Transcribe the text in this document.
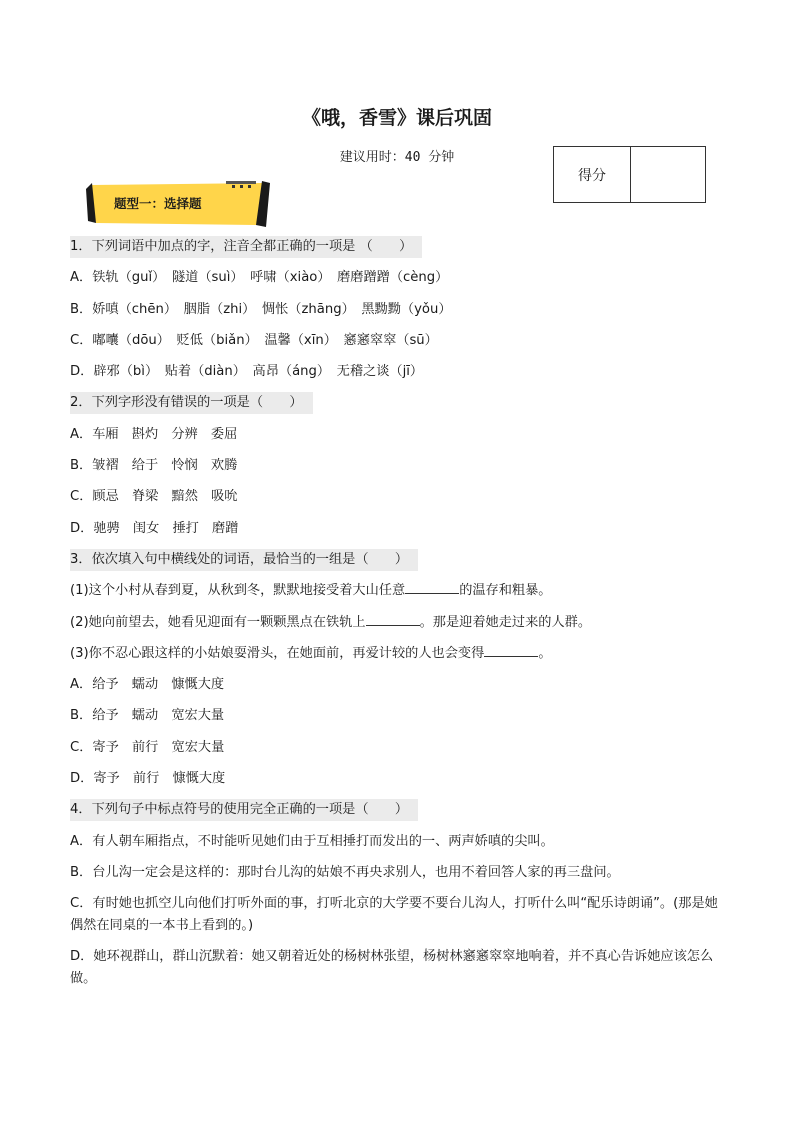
《哦，香雪》课后巩固
建议用时：40 分钟
得分
题型一：选择题
1．下列词语中加点的字，注音全都正确的一项是 （　　）
A．铁轨（guǐ）　隧道（suì）　呼啸（xiào）　磨磨蹭蹭（cèng）
B．娇嗔（chēn）　胭脂（zhi）　惆怅（zhāng）　黑黝黝（yǒu）
C．嘟囔（dōu）　贬低（biǎn）　温馨（xīn）　窸窸窣窣（sū）
D．辟邪（bì）　贴着（diàn）　高昂（áng）　无稽之谈（jī）
2．下列字形没有错误的一项是（　　）
A．车厢　斟灼　分辨　委屈
B．皱褶　给于　怜悯　欢腾
C．顾忌　脊梁　黯然　吸吮
D．驰骋　闺女　捶打　磨蹭
3．依次填入句中横线处的词语，最恰当的一组是（　　）
(1)这个小村从春到夏，从秋到冬，默默地接受着大山任意	的温存和粗暴。
(2)她向前望去，她看见迎面有一颗颗黑点在铁轨上	。那是迎着她走过来的人群。
(3)你不忍心跟这样的小姑娘耍滑头，在她面前，再爱计较的人也会变得	。
A．给予　蠕动　慷慨大度
B．给予　蠕动　宽宏大量
C．寄予　前行　宽宏大量
D．寄予　前行　慷慨大度
4．下列句子中标点符号的使用完全正确的一项是（　　）
A．有人朝车厢指点，不时能听见她们由于互相捶打而发出的一、两声娇嗔的尖叫。
B．台儿沟一定会是这样的：那时台儿沟的姑娘不再央求别人，也用不着回答人家的再三盘问。
C．有时她也抓空儿向他们打听外面的事，打听北京的大学要不要台儿沟人，打听什么叫“配乐诗朗诵”。(那是她偶然在同桌的一本书上看到的。)
D．她环视群山，群山沉默着：她又朝着近处的杨树林张望，杨树林窸窸窣窣地响着，并不真心告诉她应该怎么做。
